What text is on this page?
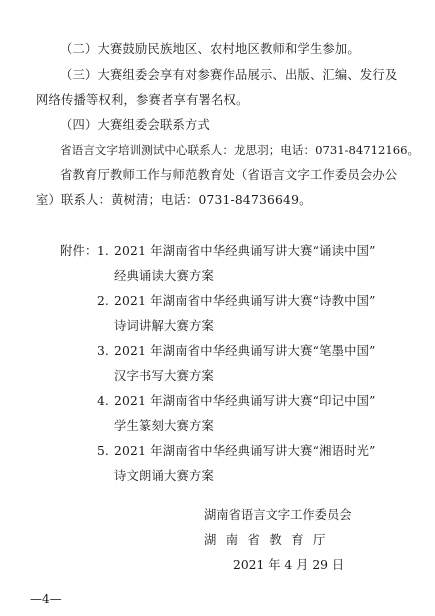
（二）大赛鼓励民族地区、农村地区教师和学生参加。
（三）大赛组委会享有对参赛作品展示、出版、汇编、发行及
网络传播等权利，参赛者享有署名权。
（四）大赛组委会联系方式
省语言文字培训测试中心联系人：龙思羽；电话：0731-84712166。
省教育厅教师工作与师范教育处（省语言文字工作委员会办公
室）联系人：黄树清；电话：0731-84736649。
附件： 1. 2021 年湖南省中华经典诵写讲大赛“诵读中国”
经典诵读大赛方案
2. 2021 年湖南省中华经典诵写讲大赛“诗教中国”
诗词讲解大赛方案
3. 2021 年湖南省中华经典诵写讲大赛“笔墨中国”
汉字书写大赛方案
4. 2021 年湖南省中华经典诵写讲大赛“印记中国”
学生篆刻大赛方案
5. 2021 年湖南省中华经典诵写讲大赛“湘语时光”
诗文朗诵大赛方案
湖南省语言文字工作委员会
湖南省教育厅
2021 年 4 月 29 日
—4—
